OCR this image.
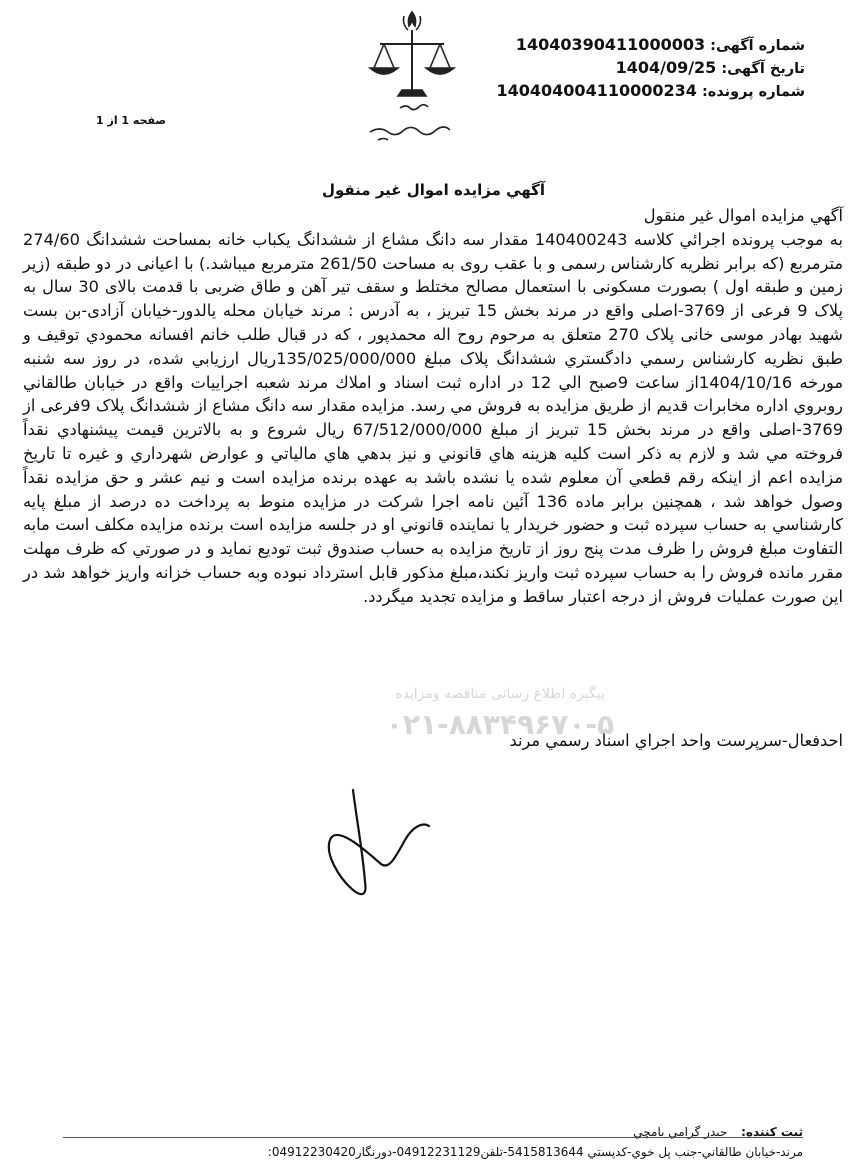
شماره آگهی: 14040390411000003
تاریخ آگهی: 1404/09/25
شماره پرونده: 140404004110000234
صفحه 1 از 1
آگهي مزايده اموال غير منقول

آگهي مزايده اموال غير منقول

به موجب پرونده اجرائي كلاسه 140400243 مقدار سه دانگ مشاع از ششدانگ یکباب خانه بمساحت ششدانگ 274/60 مترمربع (که برابر نظریه کارشناس رسمی و با عقب روی به مساحت 261/50 مترمربع میباشد.) با اعیانی در دو طبقه (زیر زمین و طبقه اول ) بصورت مسکونی با استعمال مصالح مختلط و سقف تیر آهن و طاق ضربی با قدمت بالای 30 سال به پلاک 9 فرعی از 3769-اصلی واقع در مرند بخش 15 تبریز ، به آدرس : مرند خیابان محله یالدور-خیابان آزادی-بن بست شهید بهادر موسی خانی پلاک 270 متعلق به مرحوم روح اله محمدپور ، كه در قبال طلب خانم افسانه محمودي توقيف و طبق نظريه كارشناس رسمي دادگستري ششدانگ پلاک مبلغ 135/025/000/000ريال ارزيابي شده، در روز سه شنبه مورخه 1404/10/16از ساعت 9صبح الي 12 در اداره ثبت اسناد و املاك مرند شعبه اجراييات واقع در خيابان طالقاني روبروي اداره مخابرات قديم از طريق مزايده به فروش مي رسد. مزايده مقدار سه دانگ مشاع از ششدانگ پلاک 9فرعی از 3769-اصلی واقع در مرند بخش 15 تبریز از مبلغ 67/512/000/000 ريال شروع و به بالاترين قيمت پيشنهادي نقداً فروخته مي شد و لازم به ذكر است كليه هزينه هاي قانوني و نيز بدهي هاي مالياتي و عوارض شهرداري و غيره تا تاريخ مزايده اعم از اينكه رقم قطعي آن معلوم شده يا نشده باشد به عهده برنده مزايده است و نيم عشر و حق مزايده نقداً وصول خواهد شد ، همچنين برابر ماده 136 آئين نامه اجرا شركت در مزايده منوط به پرداخت ده درصد از مبلغ پايه كارشناسي به حساب سپرده ثبت و حضور خريدار يا نماينده قانوني او در جلسه مزايده است برنده مزايده مكلف است مابه التفاوت مبلغ فروش را ظرف مدت پنج روز از تاريخ مزايده به حساب صندوق ثبت توديع نمايد و در صورتي كه ظرف مهلت مقرر مانده فروش را به حساب سپرده ثبت واريز نكند،مبلغ مذكور قابل استرداد نبوده وبه حساب خزانه واريز خواهد شد در اين صورت عمليات فروش از درجه اعتبار ساقط و مزايده تجديد ميگردد.

پیگیره اطلاع رسانی مناقصه ومزایده
۰۲۱-۸۸۳۴۹۶۷۰-۵
احدفعال-سرپرست واحد اجراي اسناد رسمي مرند
ثبت کننده: حيدر گرامي يامچي
مرند-خيابان طالقاني-جنب پل خوي-كدپستي 5415813644-تلفن04912231129-دورنگار04912230420:
